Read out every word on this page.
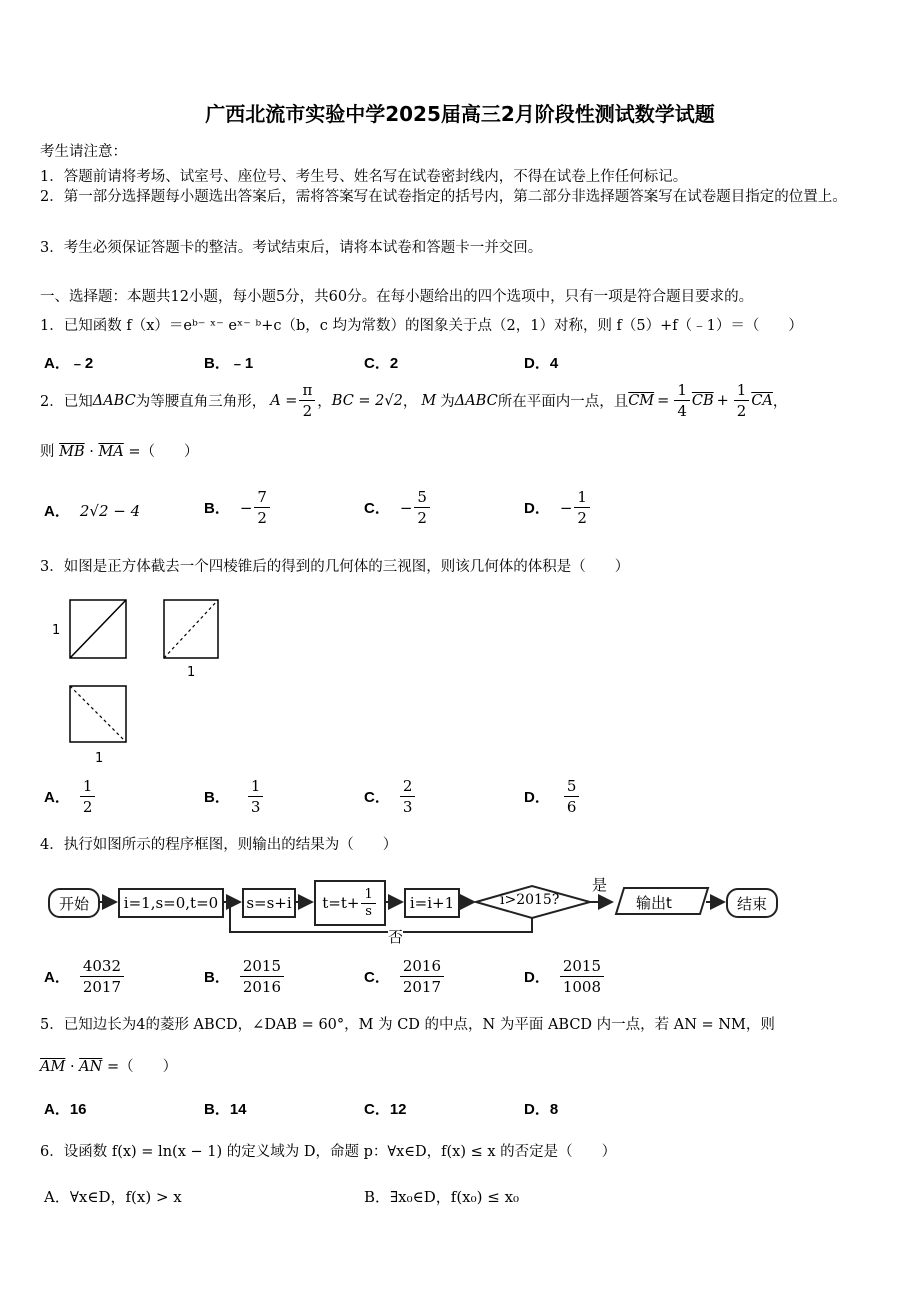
广西北流市实验中学2025届高三2月阶段性测试数学试题
考生请注意：
1．答题前请将考场、试室号、座位号、考生号、姓名写在试卷密封线内，不得在试卷上作任何标记。
2．第一部分选择题每小题选出答案后，需将答案写在试卷指定的括号内，第二部分非选择题答案写在试卷题目指定的位置上。
3．考生必须保证答题卡的整洁。考试结束后，请将本试卷和答题卡一并交回。
一、选择题：本题共12小题，每小题5分，共60分。在每小题给出的四个选项中，只有一项是符合题目要求的。
1．已知函数 f（x）＝eᵇ⁻ ˣ⁻ eˣ⁻ ᵇ+c（b，c 均为常数）的图象关于点（2，1）对称，则 f（5）+f（﹣1）＝（　　）
A．﹣2	B．﹣1	C．2	D．4
2．已知 ΔABC 为等腰直角三角形， $A = \frac{\pi}{2}$ ， BC = 2√2 ， M 为 ΔABC 所在平面内一点，且 $\overline{CM} = \frac{1}{4} \overline{CB} + \frac{1}{2} \overline{CA}$ ，
则 $\overline{MB} \cdot \overline{MA}$ =（　　）
A． 2√2 − 4	B． − $\frac{7}{2}$	C． − $\frac{5}{2}$	D． − $\frac{1}{2}$
3．如图是正方体截去一个四棱锥后的得到的几何体的三视图，则该几何体的体积是（　　）
1
1
1
A． $\frac{1}{2}$	B． $\frac{1}{3}$	C． $\frac{2}{3}$	D． $\frac{5}{6}$
4．执行如图所示的程序框图，则输出的结果为（　　）
开始	i=1,s=0,t=0	s=s+i $t=t+ \frac{1}{s}$	i=i+1	i>2015?
是
否
输出t	结束
A． $\frac{4032}{2017}$	B． $\frac{2015}{2016}$	C． $\frac{2016}{2017}$	D． $\frac{2015}{1008}$
5．已知边长为4的菱形 ABCD，∠DAB = 60°，M 为 CD 的中点，N 为平面 ABCD 内一点，若 AN = NM，则
$\overline{AM} \cdot \overline{AN}$ =（　　）
A．16	B．14	C．12	D．8
6．设函数 f(x) = ln(x − 1) 的定义域为 D，命题 p：∀x∈D，f(x) ≤ x 的否定是（　　）
A．∀x∈D，f(x) > x	B．∃x₀∈D，f(x₀) ≤ x₀
